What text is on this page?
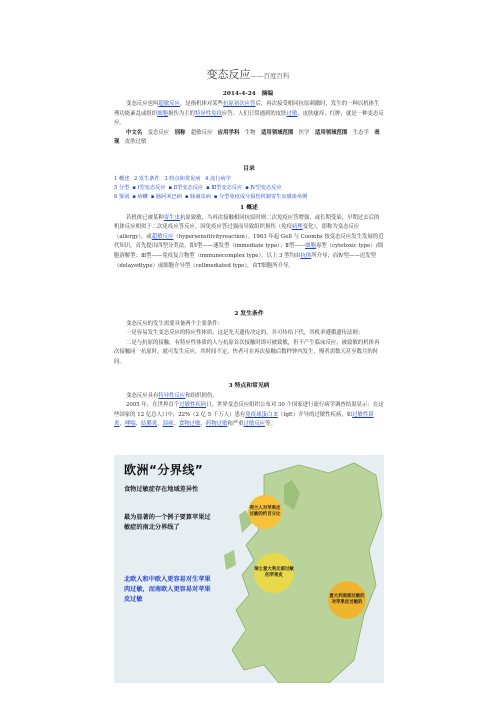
变态反应——百度百科
2014-4-24　摘编

变态反应也叫超敏反应，是指机体对某些抗原初次应答后，再次接受相同抗原刺激时，发生的一种以机体生理功能紊乱或组织细胞损伤为主的特异性免疫应答。人们日常遇到的皮肤过敏，皮肤瘙痒、红肿，就是一种变态反应。

中文名　 变态反应　 别称　 超敏反应　 应用学科　 生物　 适用领域范围　 医学　 适用领域范围　 生态学　 表　现　 皮肤过敏

目录

1 概述 2 发生条件 3 特点和常见病 4 流行病学

5 分型 ▪ Ⅰ型变态反应 ▪ Ⅱ型变态反应 ▪ Ⅲ型变态反应 ▪ Ⅳ型变态反应

6 鉴别 ▪ 病鳞 ▪ 肠阿米巴病 ▪ 肠滴虫病 ▪ 分型免疫成分损伤机制寄生虫感染举例

1 概述

若机体已被某种寄生虫抗原致敏，当再次接触相同抗原时则二次免疫应答增强，或长期受染，早期过去后的机体反应相似于二次免疫应答反应。因免疫应答过强而导致组织损伤（免疫病理变化），即称为变态反应（allergy），或超敏反应（hypersensitivityreaction）。1963 年起 Gell 与 Coombs 按变态反应发生发展的近代知识，首先提出四型分类法，即Ⅰ型——速发型（immediate type）；Ⅱ型——细胞毒型（cytotoxic type）/细胞溶解型；Ⅲ型——免疫复合物型（immunecomplex type）。以上 3 型均由抗体所介导；而Ⅳ型——迟发型（delayedtype）或细胞介导型（cellmediated type），由T细胞所介导。

2 发生条件

变态反应的发生需要具备两个主要条件：

一是容易发生变态反应的特应性体质，这是先天遗传决定的，并可传给下代，其机率遵循遗传法则；

二是与抗原的接触，有特应性体质的人与抗原首次接触时即可被致敏，但不产生临床反应，被致敏的机体再次接触同一抗原时，就可发生反应，其时间不定，快者可在再次接触后数秒钟内发生，慢者需数天甚至数月的时间。

3 特点和常见病

变态反应具有特异性反应和组织损伤。

2005 年，在世界首个过敏性疾病日，世界变态反应组织公布对 30 个国家进行流行病学调查结果显示：在这些国家的 12 亿总人口中，22%（2 亿 5 千万人）患有免疫球蛋白 E（IgE）介导的过敏性疾病，如过敏性鼻炎、哮喘、结膜炎、湿疹、食物过敏、药物过敏和严重过敏反应等。

欧洲“分界线”
食物过敏症存在地域差异性
最为显著的一个例子要算苹果过敏症的南北分界线了
北欧人和中欧人更容易对生苹果肉过敏，而南欧人更容易对苹果皮过敏
荷兰人对苹果皮过敏的约百分比
瑞士意大利北部过敏的苹果皮
意大利南部过敏的对苹果皮过敏的
